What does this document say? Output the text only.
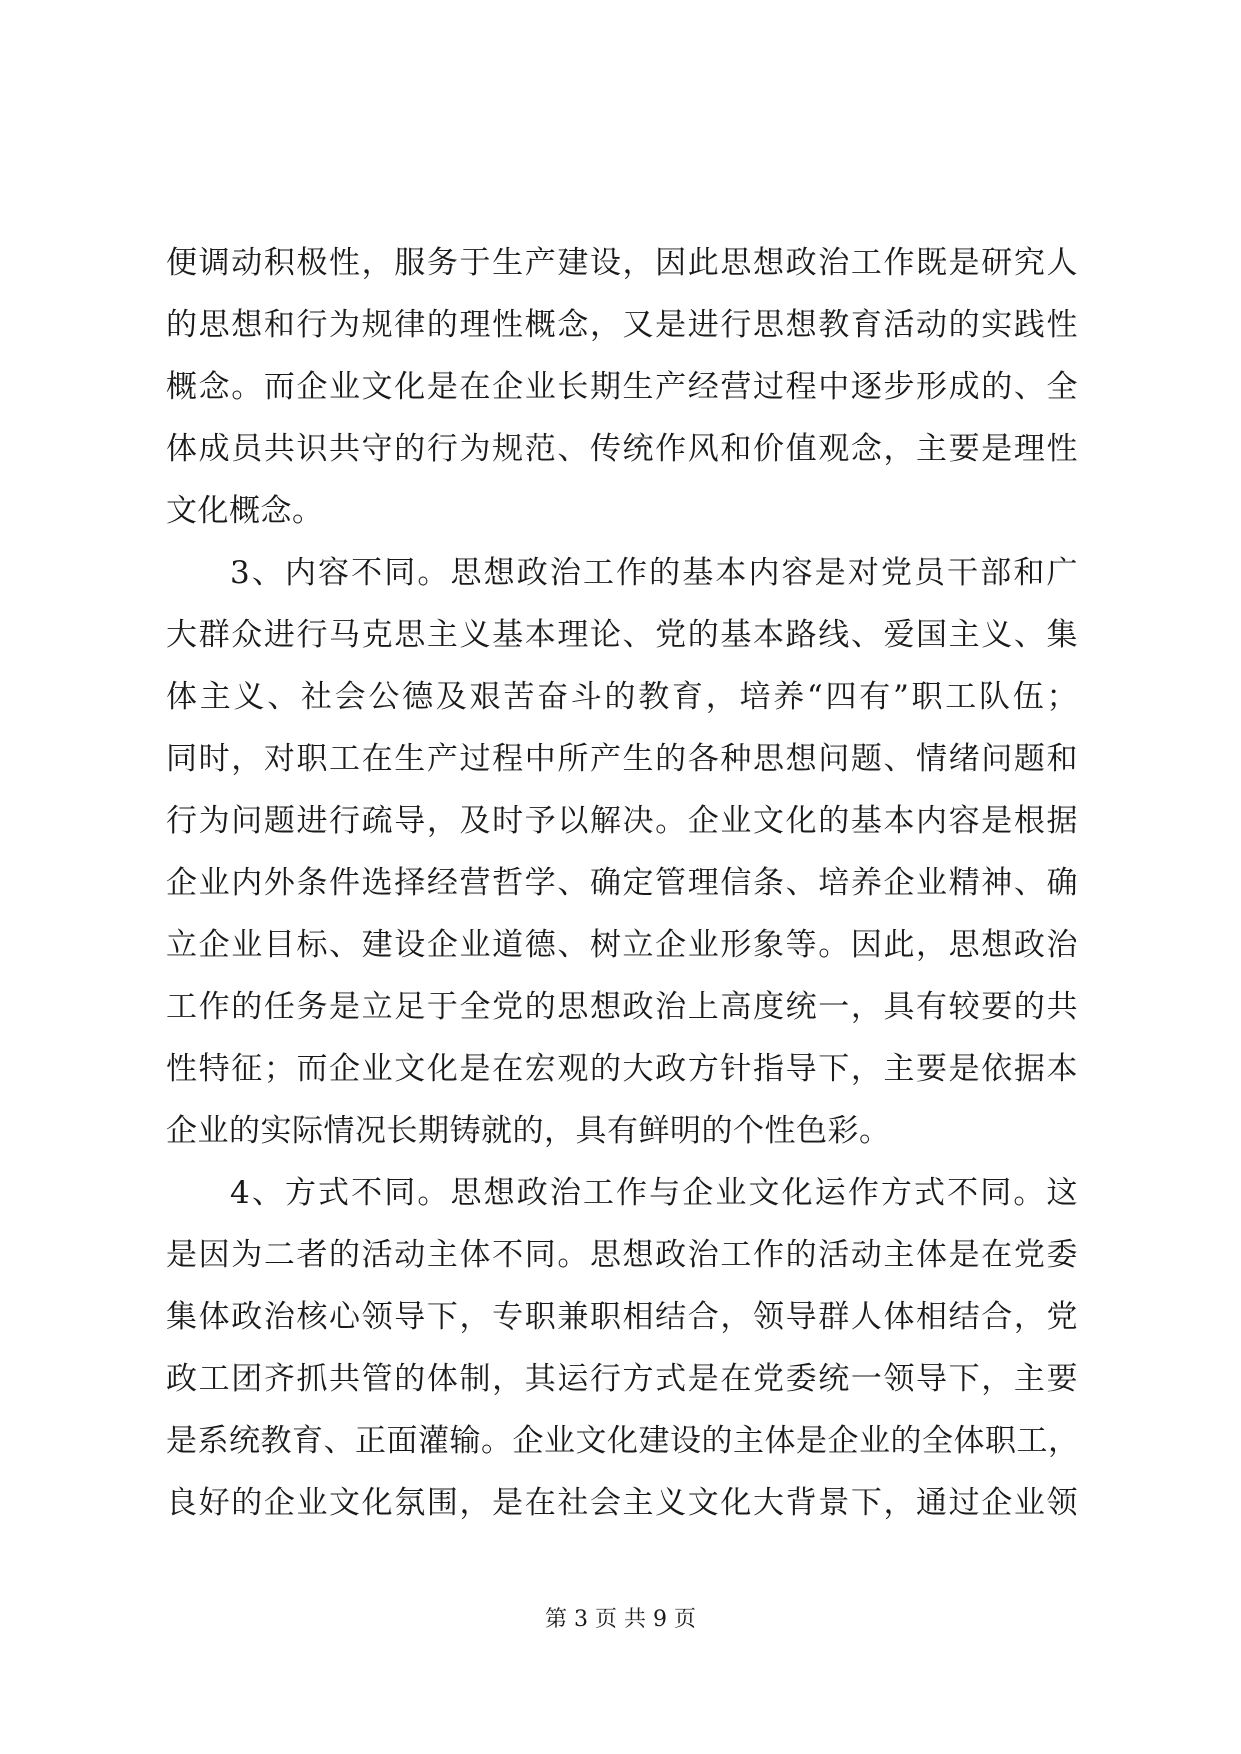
便调动积极性，服务于生产建设，因此思想政治工作既是研究人
的思想和行为规律的理性概念，又是进行思想教育活动的实践性
概念。而企业文化是在企业长期生产经营过程中逐步形成的、全
体成员共识共守的行为规范、传统作风和价值观念，主要是理性
文化概念。
3、内容不同。思想政治工作的基本内容是对党员干部和广
大群众进行马克思主义基本理论、党的基本路线、爱国主义、集
体主义、社会公德及艰苦奋斗的教育，培养“四有”职工队伍；
同时，对职工在生产过程中所产生的各种思想问题、情绪问题和
行为问题进行疏导，及时予以解决。企业文化的基本内容是根据
企业内外条件选择经营哲学、确定管理信条、培养企业精神、确
立企业目标、建设企业道德、树立企业形象等。因此，思想政治
工作的任务是立足于全党的思想政治上高度统一，具有较要的共
性特征；而企业文化是在宏观的大政方针指导下，主要是依据本
企业的实际情况长期铸就的，具有鲜明的个性色彩。
4、方式不同。思想政治工作与企业文化运作方式不同。这
是因为二者的活动主体不同。思想政治工作的活动主体是在党委
集体政治核心领导下，专职兼职相结合，领导群人体相结合，党
政工团齐抓共管的体制，其运行方式是在党委统一领导下，主要
是系统教育、正面灌输。企业文化建设的主体是企业的全体职工，
良好的企业文化氛围，是在社会主义文化大背景下，通过企业领
第 3 页 共 9 页
